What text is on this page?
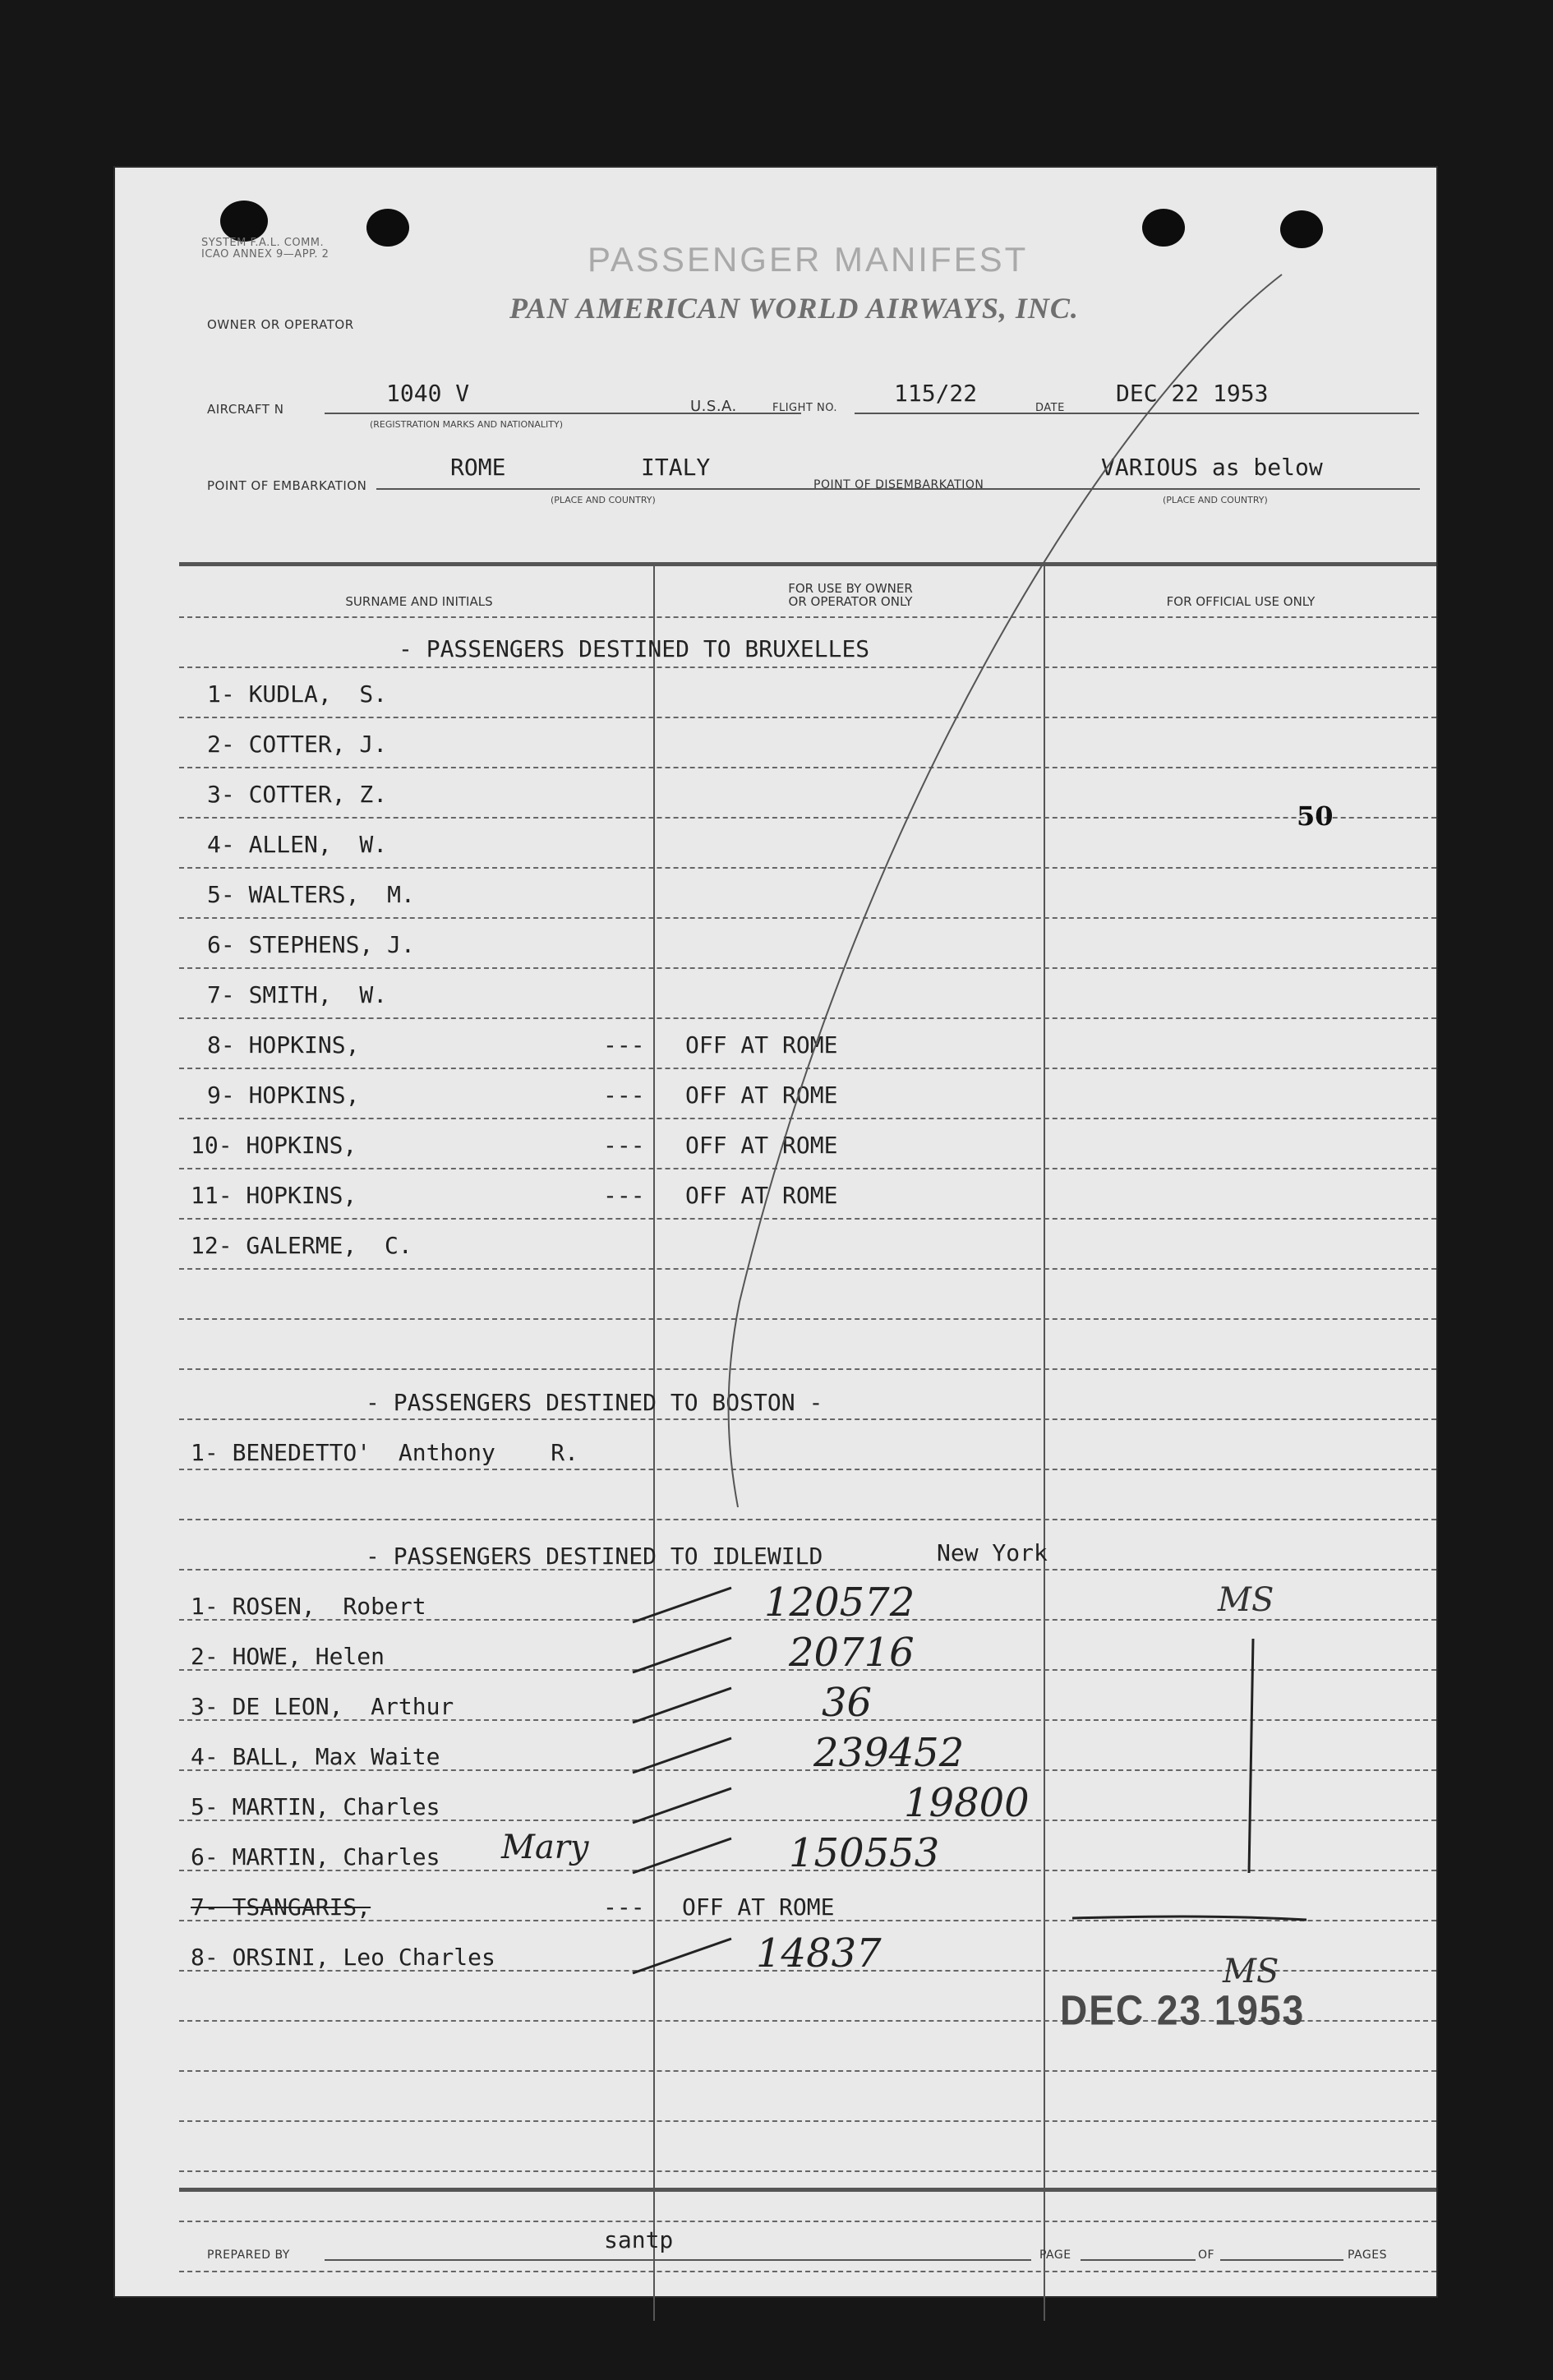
SYSTEM F.A.L. COMM.
ICAO ANNEX 9—APP. 2	PASSENGER MANIFEST
OWNER OR OPERATOR	PAN AMERICAN WORLD AIRWAYS, INC.
AIRCRAFT N
1040 V
(REGISTRATION MARKS AND NATIONALITY)
U.S.A.	FLIGHT NO.
115/22
DATE
DEC 22 1953
POINT OF EMBARKATION
ROME	ITALY
(PLACE AND COUNTRY)
POINT OF DISEMBARKATION
VARIOUS as below
(PLACE AND COUNTRY)
SURNAME AND INITIALS
FOR USE BY OWNER
OR OPERATOR ONLY	FOR OFFICIAL USE ONLY
- PASSENGERS DESTINED TO BRUXELLES
1- KUDLA,  S.
2- COTTER, J.
3- COTTER, Z.
4- ALLEN,  W.
5- WALTERS,  M.
6- STEPHENS, J.
7- SMITH,  W.
8- HOPKINS,	--- OFF AT ROME
9- HOPKINS,	--- OFF AT ROME
10- HOPKINS,	--- OFF AT ROME
11- HOPKINS,	--- OFF AT ROME
12- GALERME,  C.
- PASSENGERS DESTINED TO BOSTON -
1- BENEDETTO'  Anthony    R.
- PASSENGERS DESTINED TO IDLEWILD	New York
1- ROSEN,  Robert	120572
2- HOWE, Helen	20716
3- DE LEON,  Arthur	36
4- BALL, Max Waite	239452
5- MARTIN, Charles	19800
6- MARTIN, Charles Mary	150553
7- TSANGARIS,	--- OFF AT ROME
8- ORSINI, Leo Charles	14837
50
MS
MS
DEC 23 1953
PREPARED BY
santp
PAGE	OF	PAGES
